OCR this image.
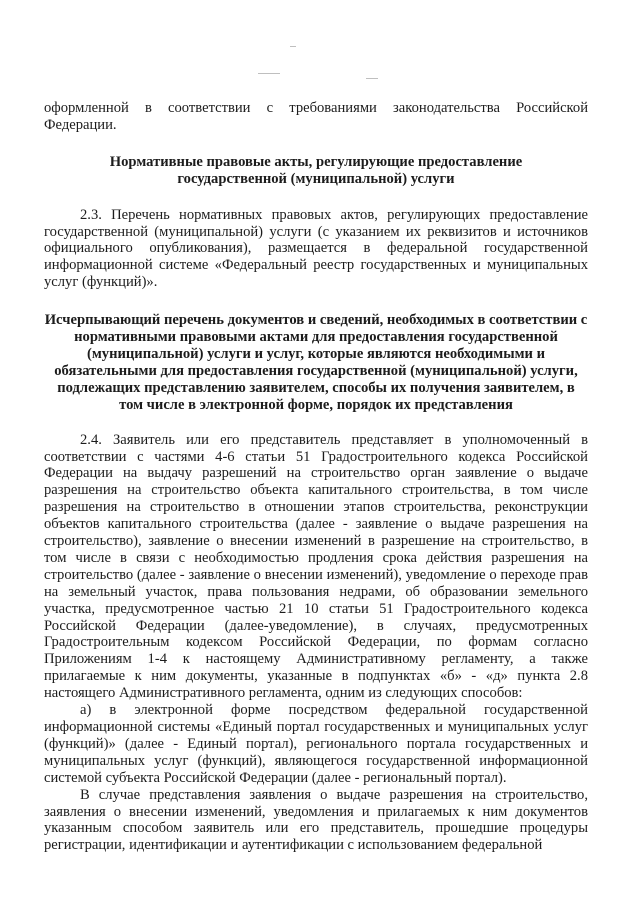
оформленной в соответствии с требованиями законодательства Российской Федерации.

Нормативные правовые акты, регулирующие предоставление государственной (муниципальной) услуги

2.3. Перечень нормативных правовых актов, регулирующих предоставление государственной (муниципальной) услуги (с указанием их реквизитов и источников официального опубликования), размещается в федеральной государственной информационной системе «Федеральный реестр государственных и муниципальных услуг (функций)».

Исчерпывающий перечень документов и сведений, необходимых в соответствии с нормативными правовыми актами для предоставления государственной (муниципальной) услуги и услуг, которые являются необходимыми и обязательными для предоставления государственной (муниципальной) услуги, подлежащих представлению заявителем, способы их получения заявителем, в том числе в электронной форме, порядок их представления

2.4. Заявитель или его представитель представляет в уполномоченный в соответствии с частями 4-6 статьи 51 Градостроительного кодекса Российской Федерации на выдачу разрешений на строительство орган заявление о выдаче разрешения на строительство объекта капитального строительства, в том числе разрешения на строительство в отношении этапов строительства, реконструкции объектов капитального строительства (далее - заявление о выдаче разрешения на строительство), заявление о внесении изменений в разрешение на строительство, в том числе в связи с необходимостью продления срока действия разрешения на строительство (далее - заявление о внесении изменений), уведомление о переходе прав на земельный участок, права пользования недрами, об образовании земельного участка, предусмотренное частью 21 10 статьи 51 Градостроительного кодекса Российской Федерации (далее-уведомление), в случаях, предусмотренных Градостроительным кодексом Российской Федерации, по формам согласно Приложениям 1-4 к настоящему Административному регламенту, а также прилагаемые к ним документы, указанные в подпунктах «б» - «д» пункта 2.8 настоящего Административного регламента, одним из следующих способов:

а) в электронной форме посредством федеральной государственной информационной системы «Единый портал государственных и муниципальных услуг (функций)» (далее - Единый портал), регионального портала государственных и муниципальных услуг (функций), являющегося государственной информационной системой субъекта Российской Федерации (далее - региональный портал).

В случае представления заявления о выдаче разрешения на строительство, заявления о внесении изменений, уведомления и прилагаемых к ним документов указанным способом заявитель или его представитель, прошедшие процедуры регистрации, идентификации и аутентификации с использованием федеральной
